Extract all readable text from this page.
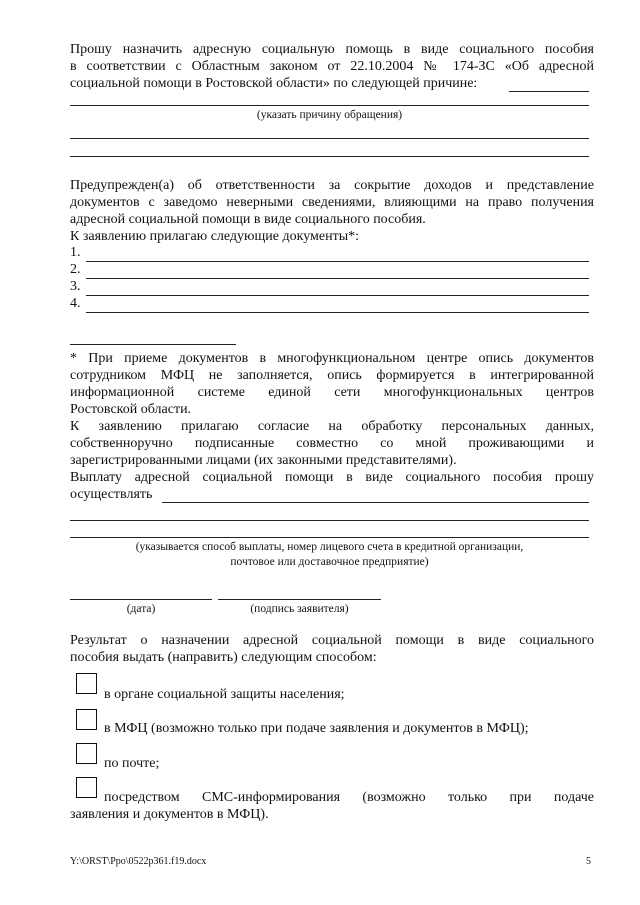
Прошу назначить адресную социальную помощь в виде социального пособия
в соответствии с Областным законом от 22.10.2004 № 174-ЗС «Об адресной
социальной помощи в Ростовской области» по следующей причине:
(указать причину обращения)
Предупрежден(а) об ответственности за сокрытие доходов и представление
документов с заведомо неверными сведениями, влияющими на право получения
адресной социальной помощи в виде социального пособия.
К заявлению прилагаю следующие документы*:
1.
2.
3.
4.
* При приеме документов в многофункциональном центре опись документов
сотрудником МФЦ не заполняется, опись формируется в интегрированной
информационной системе единой сети многофункциональных центров
Ростовской области.
К заявлению прилагаю согласие на обработку персональных данных,
собственноручно подписанные совместно со мной проживающими и
зарегистрированными лицами (их законными представителями).
Выплату адресной социальной помощи в виде социального пособия прошу
осуществлять
(указывается способ выплаты, номер лицевого счета в кредитной организации,
почтовое или доставочное предприятие)
(дата)	(подпись заявителя)
Результат о назначении адресной социальной помощи в виде социального
пособия выдать (направить) следующим способом:
в органе социальной защиты населения;
в МФЦ (возможно только при подаче заявления и документов в МФЦ);
по почте;
посредством СМС-информирования (возможно только при подаче
заявления и документов в МФЦ).
Y:\ORST\Ppo\0522p361.f19.docx	5
